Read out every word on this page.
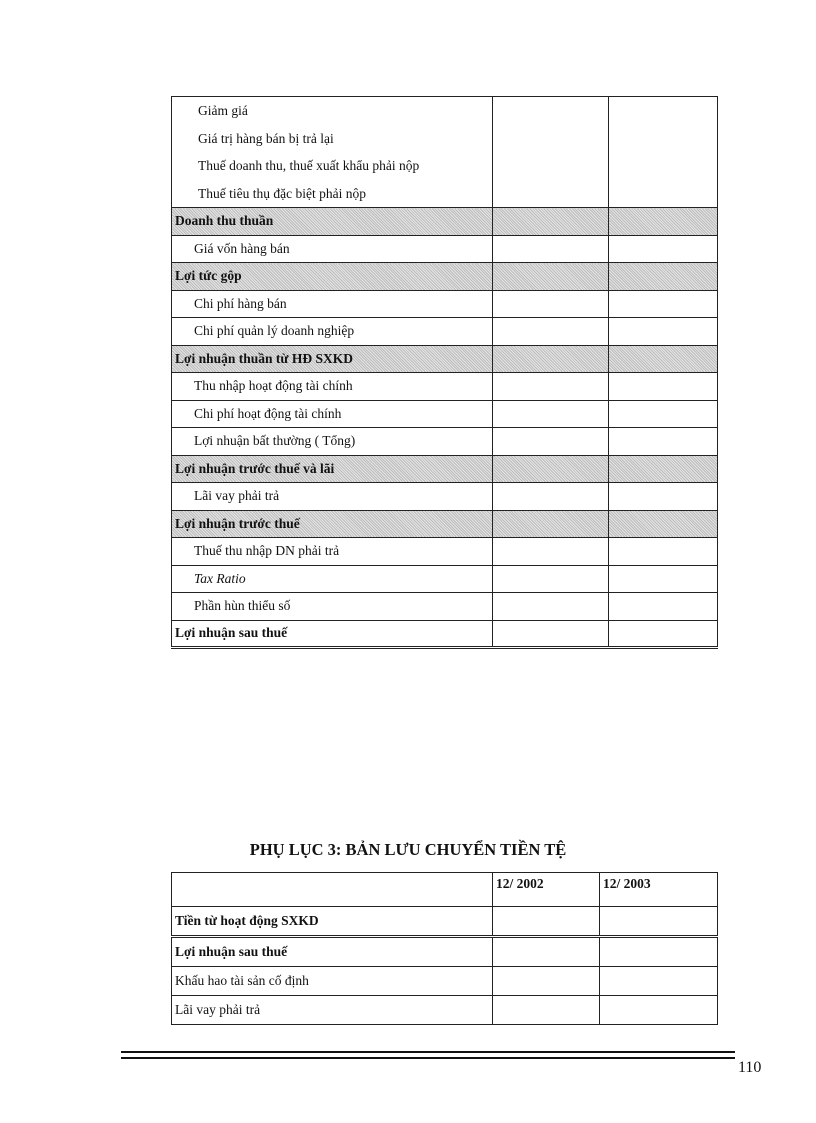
Giảm giá
Giá trị hàng bán bị trả lại
Thuế doanh thu, thuế xuất khẩu phải nộp
Thuế tiêu thụ đặc biệt phải nộp		

Doanh thu thuần		
Giá vốn hàng bán		
Lợi tức gộp		
Chi phí hàng bán		
Chi phí quản lý doanh nghiệp		
Lợi nhuận thuần từ HĐ SXKD		
Thu nhập hoạt động tài chính		
Chi phí hoạt động tài chính		
Lợi nhuận bất thường ( Tổng)		
Lợi nhuận trước thuế và lãi		
Lãi vay phải trả		
Lợi nhuận trước thuế		
Thuế thu nhập DN phải trả		
Tax Ratio		
Phần hùn thiểu số		
Lợi nhuận sau thuế		
PHỤ LỤC 3: BẢN LƯU CHUYỂN TIỀN TỆ
	12/ 2002	12/ 2003
Tiền từ hoạt động SXKD		
Lợi nhuận sau thuế		
Khấu hao tài sản cố định		
Lãi vay phải trả		
110
